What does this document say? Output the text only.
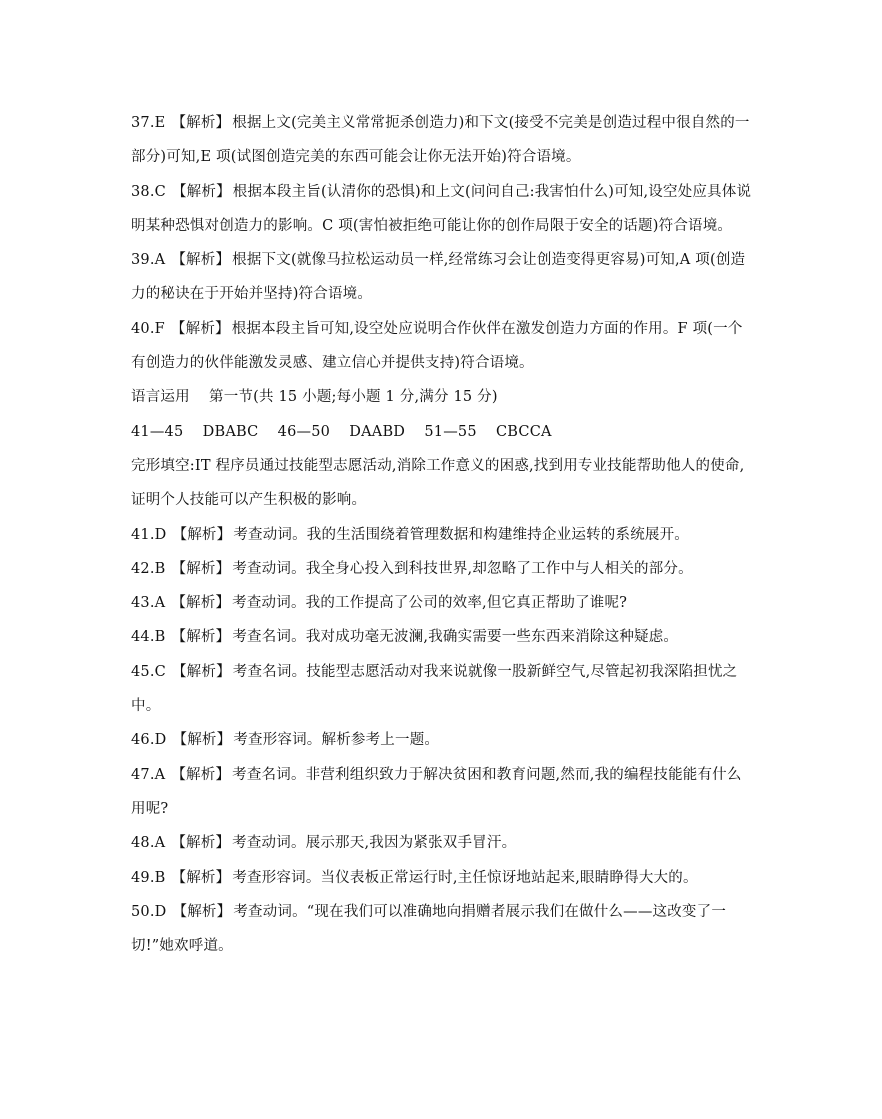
37.E 【解析】 根据上文(完美主义常常扼杀创造力)和下文(接受不完美是创造过程中很自然的一部分)可知,E 项(试图创造完美的东西可能会让你无法开始)符合语境。

38.C 【解析】 根据本段主旨(认清你的恐惧)和上文(问问自己:我害怕什么)可知,设空处应具体说明某种恐惧对创造力的影响。C 项(害怕被拒绝可能让你的创作局限于安全的话题)符合语境。

39.A 【解析】 根据下文(就像马拉松运动员一样,经常练习会让创造变得更容易)可知,A 项(创造力的秘诀在于开始并坚持)符合语境。

40.F 【解析】 根据本段主旨可知,设空处应说明合作伙伴在激发创造力方面的作用。F 项(一个有创造力的伙伴能激发灵感、建立信心并提供支持)符合语境。

语言运用    第一节(共 15 小题;每小题 1 分,满分 15 分)

41—45    DBABC    46—50    DAABD    51—55    CBCCA

完形填空:IT 程序员通过技能型志愿活动,消除工作意义的困惑,找到用专业技能帮助他人的使命,证明个人技能可以产生积极的影响。

41.D 【解析】 考查动词。我的生活围绕着管理数据和构建维持企业运转的系统展开。

42.B 【解析】 考查动词。我全身心投入到科技世界,却忽略了工作中与人相关的部分。

43.A 【解析】 考查动词。我的工作提高了公司的效率,但它真正帮助了谁呢?

44.B 【解析】 考查名词。我对成功毫无波澜,我确实需要一些东西来消除这种疑虑。

45.C 【解析】 考查名词。技能型志愿活动对我来说就像一股新鲜空气,尽管起初我深陷担忧之中。

46.D 【解析】 考查形容词。解析参考上一题。

47.A 【解析】 考查名词。非营利组织致力于解决贫困和教育问题,然而,我的编程技能能有什么用呢?

48.A 【解析】 考查动词。展示那天,我因为紧张双手冒汗。

49.B 【解析】 考查形容词。当仪表板正常运行时,主任惊讶地站起来,眼睛睁得大大的。

50.D 【解析】 考查动词。“现在我们可以准确地向捐赠者展示我们在做什么——这改变了一切!”她欢呼道。
